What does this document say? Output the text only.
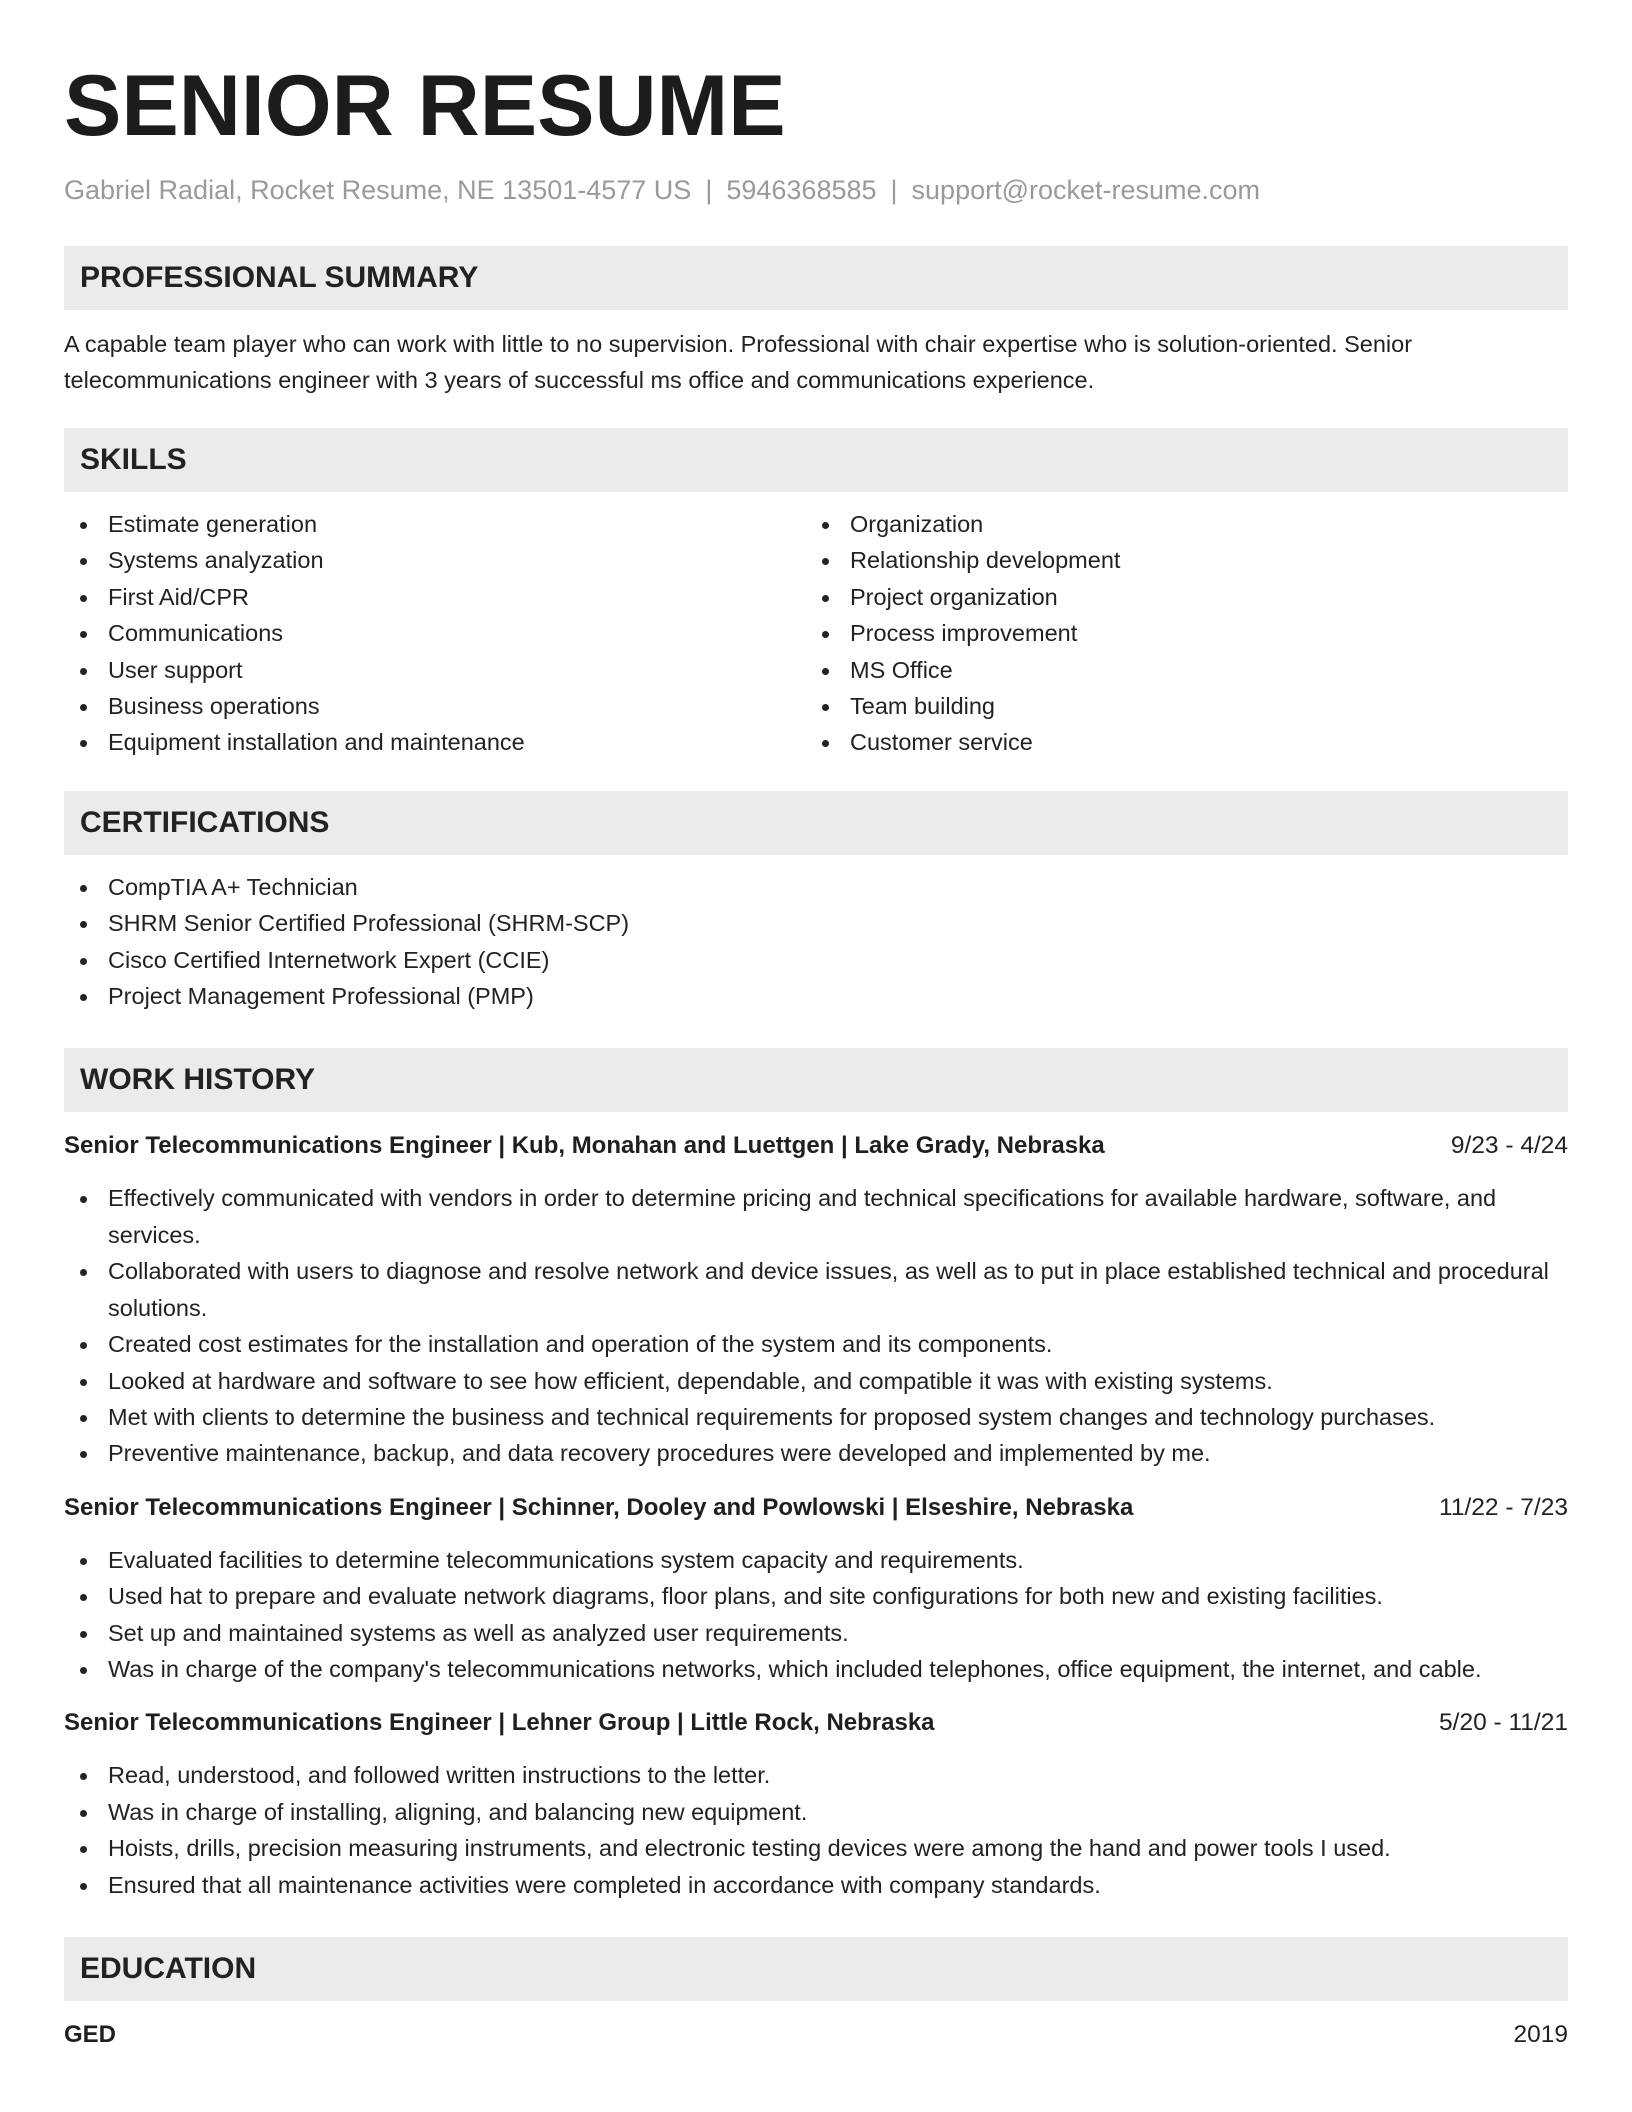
SENIOR RESUME
Gabriel Radial, Rocket Resume, NE 13501-4577 US | 5946368585 | support@rocket-resume.com
PROFESSIONAL SUMMARY

A capable team player who can work with little to no supervision. Professional with chair expertise who is solution-oriented. Senior telecommunications engineer with 3 years of successful ms office and communications experience.

SKILLS
Estimate generation
Systems analyzation
First Aid/CPR
Communications
User support
Business operations
Equipment installation and maintenance
Organization
Relationship development
Project organization
Process improvement
MS Office
Team building
Customer service
CERTIFICATIONS
CompTIA A+ Technician
SHRM Senior Certified Professional (SHRM-SCP)
Cisco Certified Internetwork Expert (CCIE)
Project Management Professional (PMP)
WORK HISTORY
Senior Telecommunications Engineer | Kub, Monahan and Luettgen | Lake Grady, Nebraska	9/23 - 4/24
Effectively communicated with vendors in order to determine pricing and technical specifications for available hardware, software, and services.
Collaborated with users to diagnose and resolve network and device issues, as well as to put in place established technical and procedural solutions.
Created cost estimates for the installation and operation of the system and its components.
Looked at hardware and software to see how efficient, dependable, and compatible it was with existing systems.
Met with clients to determine the business and technical requirements for proposed system changes and technology purchases.
Preventive maintenance, backup, and data recovery procedures were developed and implemented by me.
Senior Telecommunications Engineer | Schinner, Dooley and Powlowski | Elseshire, Nebraska	11/22 - 7/23
Evaluated facilities to determine telecommunications system capacity and requirements.
Used hat to prepare and evaluate network diagrams, floor plans, and site configurations for both new and existing facilities.
Set up and maintained systems as well as analyzed user requirements.
Was in charge of the company's telecommunications networks, which included telephones, office equipment, the internet, and cable.
Senior Telecommunications Engineer | Lehner Group | Little Rock, Nebraska	5/20 - 11/21
Read, understood, and followed written instructions to the letter.
Was in charge of installing, aligning, and balancing new equipment.
Hoists, drills, precision measuring instruments, and electronic testing devices were among the hand and power tools I used.
Ensured that all maintenance activities were completed in accordance with company standards.
EDUCATION
GED	2019
